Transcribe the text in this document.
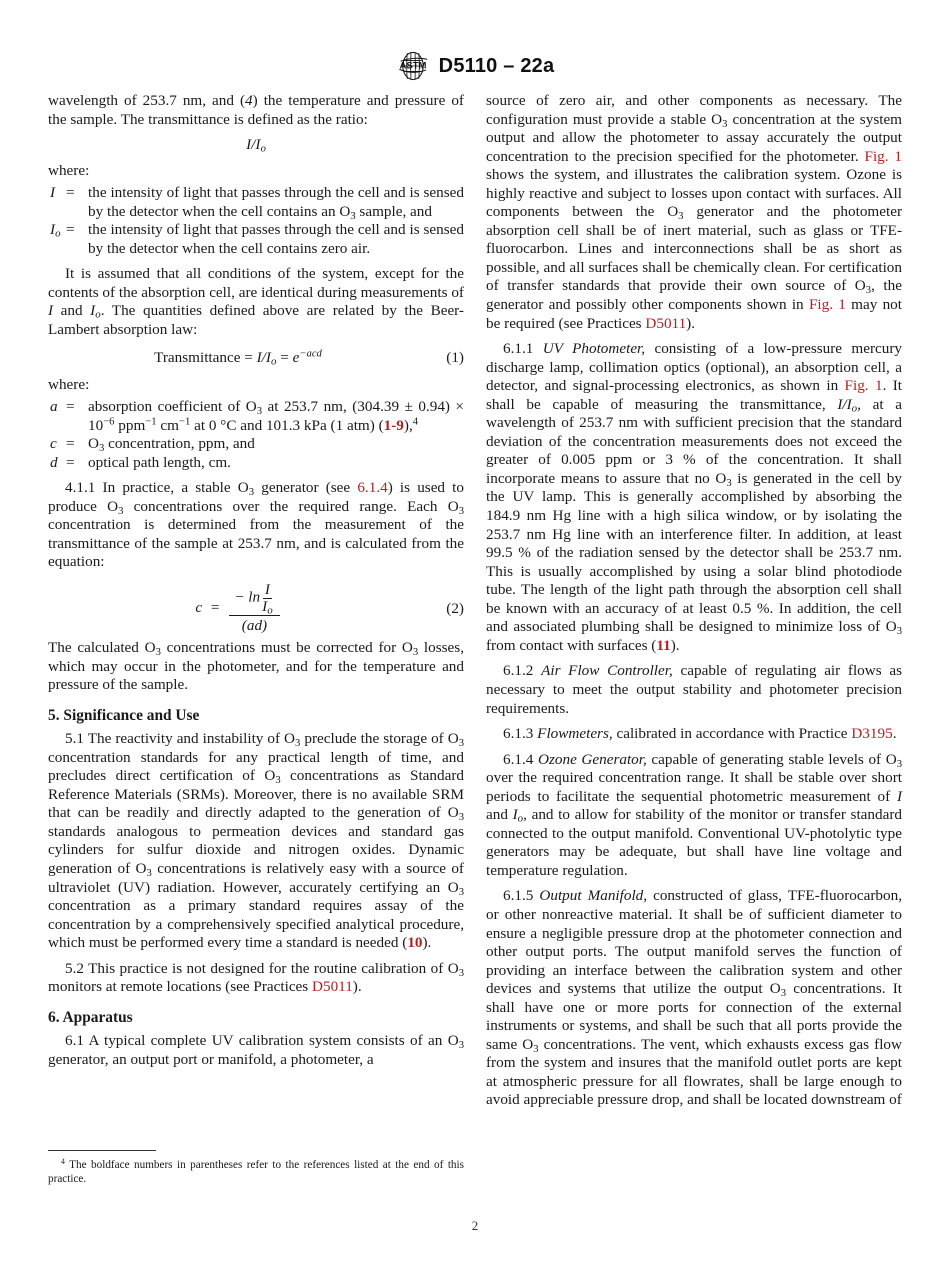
ASTM D5110 – 22a

wavelength of 253.7 nm, and (4) the temperature and pressure of the sample. The transmittance is defined as the ratio:

I/Io
where:
I = the intensity of light that passes through the cell and is sensed by the detector when the cell contains an $O_3$ sample, and
Io = the intensity of light that passes through the cell and is sensed by the detector when the cell contains zero air.

It is assumed that all conditions of the system, except for the contents of the absorption cell, are identical during measurements of I and Io. The quantities defined above are related by the Beer-Lambert absorption law:

Transmittance = $I/Io = e^{-acd}$	(1)
where:
a = absorption coefficient of $O_3$ at 253.7 nm, $(304.39 \pm 0.94) \times 10^{-6}$ ppm$^{-1}$ $cm^{-1}$ at 0 °C and 101.3 kPa (1 atm) (1-9),$^4$
$c = O_3$ concentration, ppm, and
d = optical path length, cm.

4.1.1 In practice, a stable $O_3$ generator (see 6.1.4) is used to produce $O_3$ concentrations over the required range. Each $O_3$ concentration is determined from the measurement of the transmittance of the sample at 253.7 nm, and is calculated from the equation:

$c = \frac{- \ln \frac{I}{Io}}{(ad)}$	(2)

The calculated $O_3$ concentrations must be corrected for $O_3$ losses, which may occur in the photometer, and for the temperature and pressure of the sample.

5. Significance and Use

5.1 The reactivity and instability of $O_3$ preclude the storage of $O_3$ concentration standards for any practical length of time, and precludes direct certification of $O_3$ concentrations as Standard Reference Materials (SRMs). Moreover, there is no available SRM that can be readily and directly adapted to the generation of $O_3$ standards analogous to permeation devices and standard gas cylinders for sulfur dioxide and nitrogen oxides. Dynamic generation of $O_3$ concentrations is relatively easy with a source of ultraviolet (UV) radiation. However, accurately certifying an $O_3$ concentration as a primary standard requires assay of the concentration by a comprehensively specified analytical procedure, which must be performed every time a standard is needed (10).

5.2 This practice is not designed for the routine calibration of $O_3$ monitors at remote locations (see Practices D5011).

6. Apparatus

6.1 A typical complete UV calibration system consists of an $O_3$ generator, an output port or manifold, a photometer, a

source of zero air, and other components as necessary. The configuration must provide a stable $O_3$ concentration at the system output and allow the photometer to assay accurately the output concentration to the precision specified for the photometer. Fig. 1 shows the system, and illustrates the calibration system. Ozone is highly reactive and subject to losses upon contact with surfaces. All components between the $O_3$ generator and the photometer absorption cell shall be of inert material, such as glass or TFE-fluorocarbon. Lines and interconnections shall be as short as possible, and all surfaces shall be chemically clean. For certification of transfer standards that provide their own source of $O_3$, the generator and possibly other components shown in Fig. 1 may not be required (see Practices D5011).

6.1.1 UV Photometer, consisting of a low-pressure mercury discharge lamp, collimation optics (optional), an absorption cell, a detector, and signal-processing electronics, as shown in Fig. 1. It shall be capable of measuring the transmittance, I/Io, at a wavelength of 253.7 nm with sufficient precision that the standard deviation of the concentration measurements does not exceed the greater of 0.005 ppm or 3 % of the concentration. It shall incorporate means to assure that no $O_3$ is generated in the cell by the UV lamp. This is generally accomplished by absorbing the 184.9 nm Hg line with a high silica window, or by isolating the 253.7 nm Hg line with an interference filter. In addition, at least 99.5 % of the radiation sensed by the detector shall be 253.7 nm. This is usually accomplished by using a solar blind photodiode tube. The length of the light path through the absorption cell shall be known with an accuracy of at least 0.5 %. In addition, the cell and associated plumbing shall be designed to minimize loss of $O_3$ from contact with surfaces (11).

6.1.2 Air Flow Controller, capable of regulating air flows as necessary to meet the output stability and photometer precision requirements.

6.1.3 Flowmeters, calibrated in accordance with Practice D3195.

6.1.4 Ozone Generator, capable of generating stable levels of $O_3$ over the required concentration range. It shall be stable over short periods to facilitate the sequential photometric measurement of I and Io, and to allow for stability of the monitor or transfer standard connected to the output manifold. Conventional UV-photolytic type generators may be adequate, but shall have line voltage and temperature regulation.

6.1.5 Output Manifold, constructed of glass, TFE-fluorocarbon, or other nonreactive material. It shall be of sufficient diameter to ensure a negligible pressure drop at the photometer connection and other output ports. The output manifold serves the function of providing an interface between the calibration system and other devices and systems that utilize the output $O_3$ concentrations. It shall have one or more ports for connection of the external instruments or systems, and shall be such that all ports provide the same $O_3$ concentrations. The vent, which exhausts excess gas flow from the system and insures that the manifold outlet ports are kept at atmospheric pressure for all flowrates, shall be large enough to avoid appreciable pressure drop, and shall be located downstream of

$^4$ The boldface numbers in parentheses refer to the references listed at the end of this practice.

2
